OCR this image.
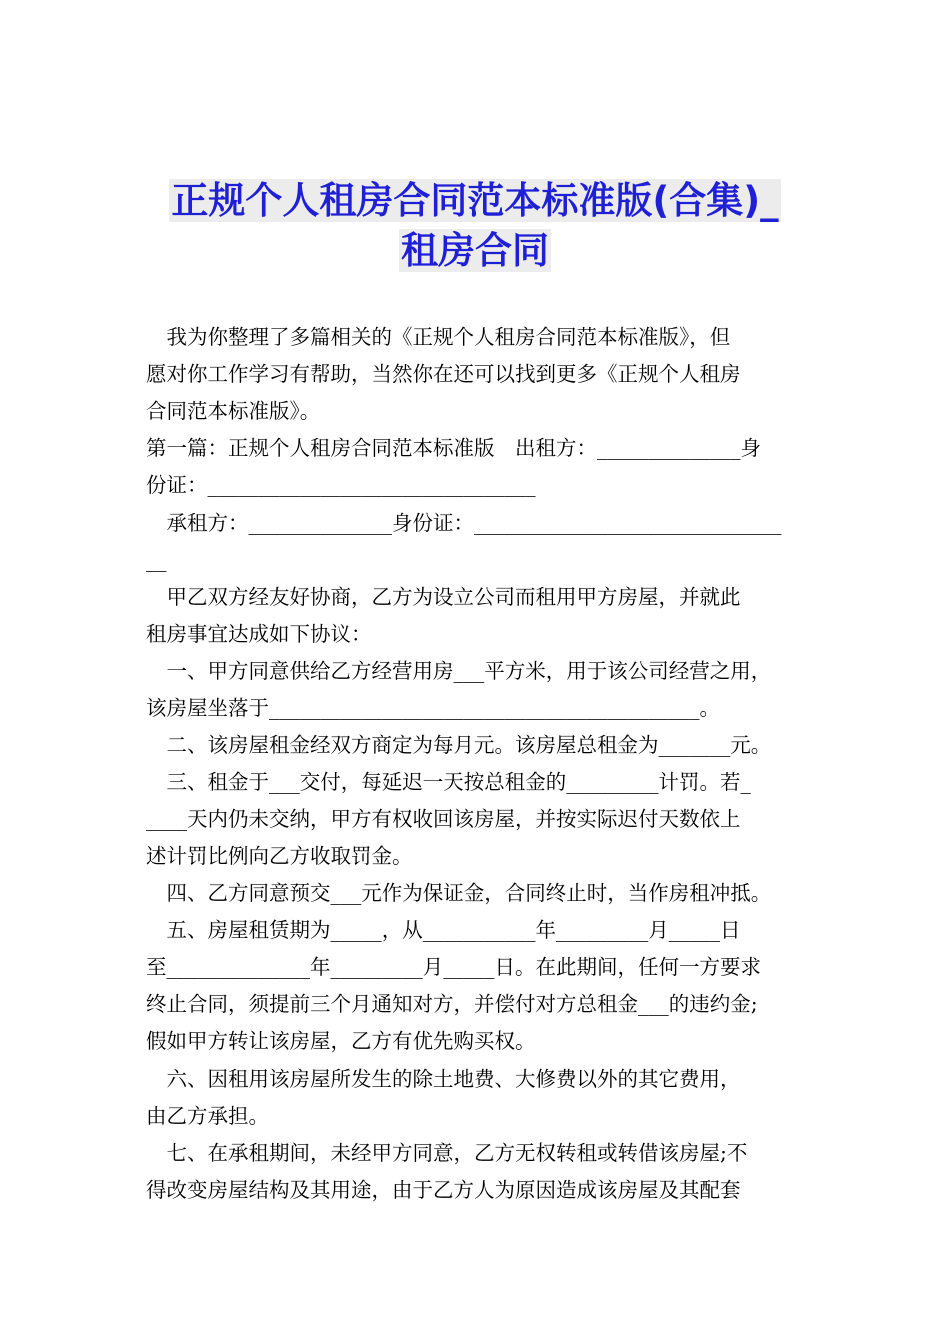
正规个人租房合同范本标准版(合集)_
租房合同
　我为你整理了多篇相关的《正规个人租房合同范本标准版》，但
愿对你工作学习有帮助，当然你在还可以找到更多《正规个人租房
合同范本标准版》。
第一篇：正规个人租房合同范本标准版　出租方：______________身
份证：________________________________
　承租方：______________身份证：______________________________
__
　甲乙双方经友好协商，乙方为设立公司而租用甲方房屋，并就此
租房事宜达成如下协议：
　一、甲方同意供给乙方经营用房___平方米，用于该公司经营之用，
该房屋坐落于__________________________________________。
　二、该房屋租金经双方商定为每月元。该房屋总租金为_______元。
　三、租金于___交付，每延迟一天按总租金的_________计罚。若_
____天内仍未交纳，甲方有权收回该房屋，并按实际迟付天数依上
述计罚比例向乙方收取罚金。
　四、乙方同意预交___元作为保证金，合同终止时，当作房租冲抵。
　五、房屋租赁期为_____，从___________年_________月_____日
至______________年_________月_____日。在此期间，任何一方要求
终止合同，须提前三个月通知对方，并偿付对方总租金___的违约金;
假如甲方转让该房屋，乙方有优先购买权。
　六、因租用该房屋所发生的除土地费、大修费以外的其它费用，
由乙方承担。
　七、在承租期间，未经甲方同意，乙方无权转租或转借该房屋;不
得改变房屋结构及其用途，由于乙方人为原因造成该房屋及其配套
